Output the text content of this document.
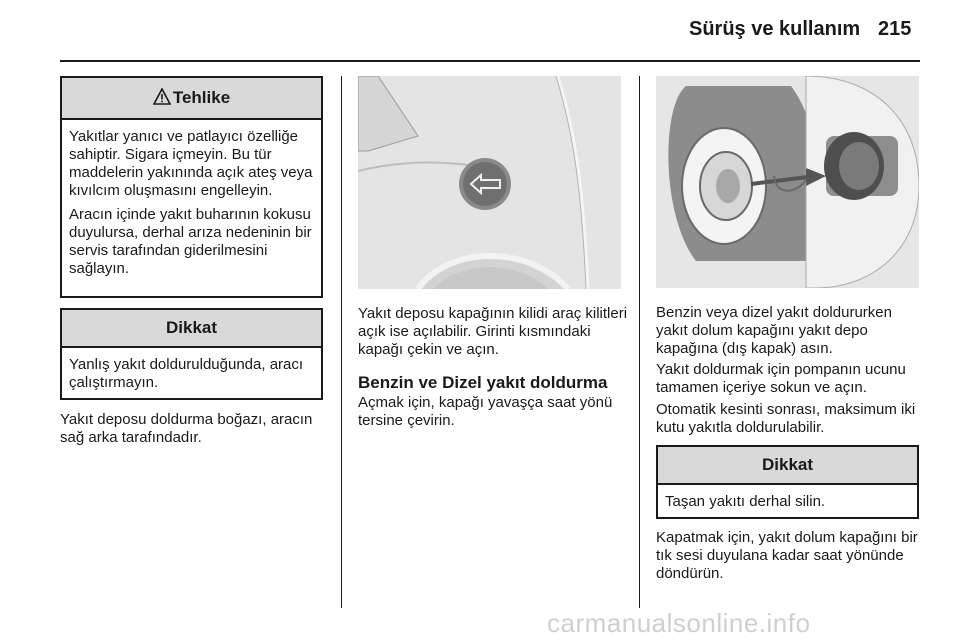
Sürüş ve kullanım 215
Tehlike

Yakıtlar yanıcı ve patlayıcı özelliğe sahiptir. Sigara içmeyin. Bu tür maddelerin yakınında açık ateş veya kıvılcım oluşmasını engelleyin.

Aracın içinde yakıt buharının kokusu duyulursa, derhal arıza nedeninin bir servis tarafından giderilmesini sağlayın.

Dikkat
Yanlış yakıt doldurulduğunda, aracı çalıştırmayın.

Yakıt deposu doldurma boğazı, aracın sağ arka tarafındadır.

Yakıt deposu kapağının kilidi araç kilitleri açık ise açılabilir. Girinti kısmındaki kapağı çekin ve açın.

Benzin ve Dizel yakıt doldurma

Açmak için, kapağı yavaşça saat yönü tersine çevirin.

Benzin veya dizel yakıt doldururken yakıt dolum kapağını yakıt depo kapağına (dış kapak) asın.

Yakıt doldurmak için pompanın ucunu tamamen içeriye sokun ve açın.

Otomatik kesinti sonrası, maksimum iki kutu yakıtla doldurulabilir.

Dikkat
Taşan yakıtı derhal silin.

Kapatmak için, yakıt dolum kapağını bir tık sesi duyulana kadar saat yönünde döndürün.

carmanualsonline.info
